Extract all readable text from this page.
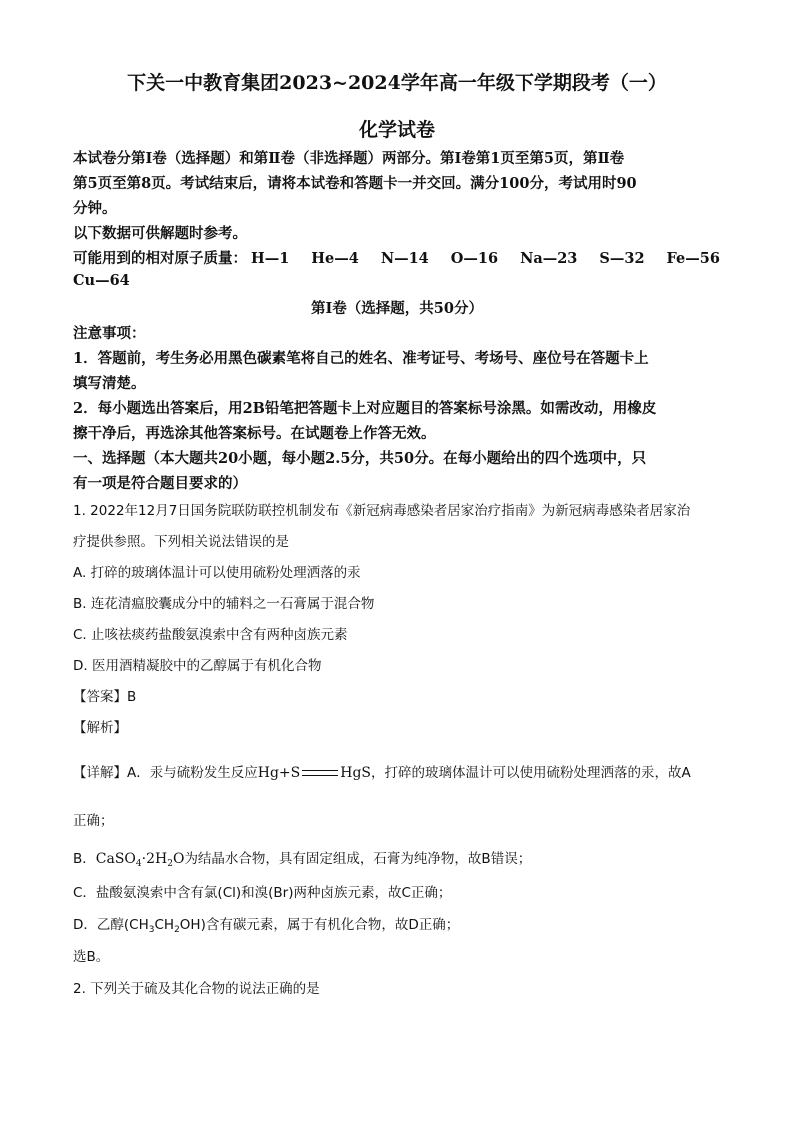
下关一中教育集团2023~2024学年高一年级下学期段考（一）
化学试卷
本试卷分第Ⅰ卷（选择题）和第Ⅱ卷（非选择题）两部分。第Ⅰ卷第1页至第5页，第Ⅱ卷
第5页至第8页。考试结束后，请将本试卷和答题卡一并交回。满分100分，考试用时90
分钟。
以下数据可供解题时参考。
可能用到的相对原子质量： H—1 He—4 N—14 O—16 Na—23 S—32 Fe—56
Cu—64
第Ⅰ卷（选择题，共50分）
注意事项：
1．答题前，考生务必用黑色碳素笔将自己的姓名、准考证号、考场号、座位号在答题卡上
填写清楚。
2．每小题选出答案后，用2B铅笔把答题卡上对应题目的答案标号涂黑。如需改动，用橡皮
擦干净后，再选涂其他答案标号。在试题卷上作答无效。
一、选择题（本大题共20小题，每小题2.5分，共50分。在每小题给出的四个选项中，只
有一项是符合题目要求的）
1. 2022年12月7日国务院联防联控机制发布《新冠病毒感染者居家治疗指南》为新冠病毒感染者居家治
疗提供参照。下列相关说法错误的是
A. 打碎的玻璃体温计可以使用硫粉处理洒落的汞
B. 连花清瘟胶囊成分中的辅料之一石膏属于混合物
C. 止咳祛痰药盐酸氨溴索中含有两种卤族元素
D. 医用酒精凝胶中的乙醇属于有机化合物
【答案】B
【解析】
【详解】A．汞与硫粉发生反应Hg+S	HgS，打碎的玻璃体温计可以使用硫粉处理洒落的汞，故A
正确；
B．$CaSO_4\cdot 2H_2O$为结晶水合物，具有固定组成，石膏为纯净物，故B错误；
C．盐酸氨溴索中含有氯(Cl)和溴(Br)两种卤族元素，故C正确；
D．乙醇$(CH_3CH_2OH)$含有碳元素，属于有机化合物，故D正确；
选B。
2. 下列关于硫及其化合物的说法正确的是
